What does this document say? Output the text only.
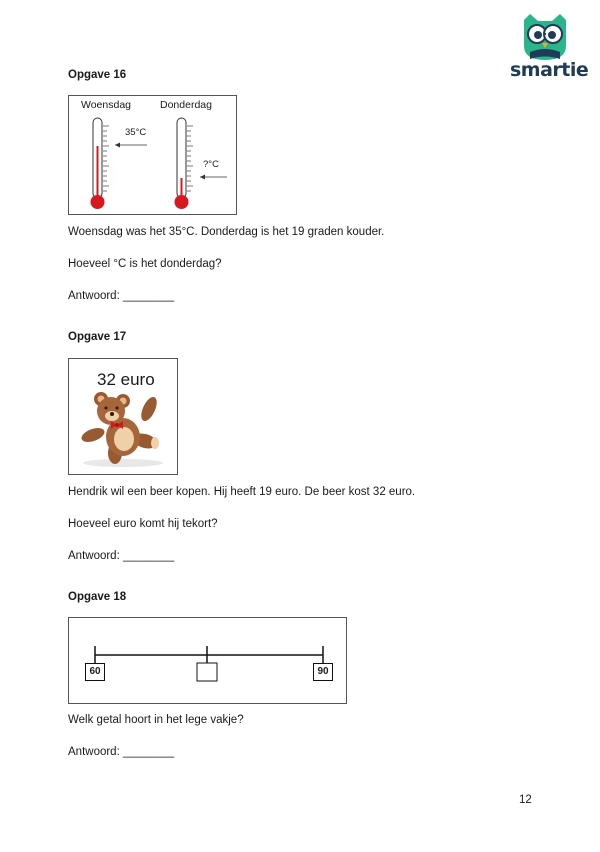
smartie
Opgave 16
Woensdag	Donderdag
35°C
?°C
Woensdag was het 35°C. Donderdag is het 19 graden kouder.
Hoeveel °C is het donderdag?
Antwoord: ________
Opgave 17
32 euro
Hendrik wil een beer kopen. Hij heeft 19 euro. De beer kost 32 euro.
Hoeveel euro komt hij tekort?
Antwoord: ________
Opgave 18
60	90
Welk getal hoort in het lege vakje?
Antwoord: ________
12
